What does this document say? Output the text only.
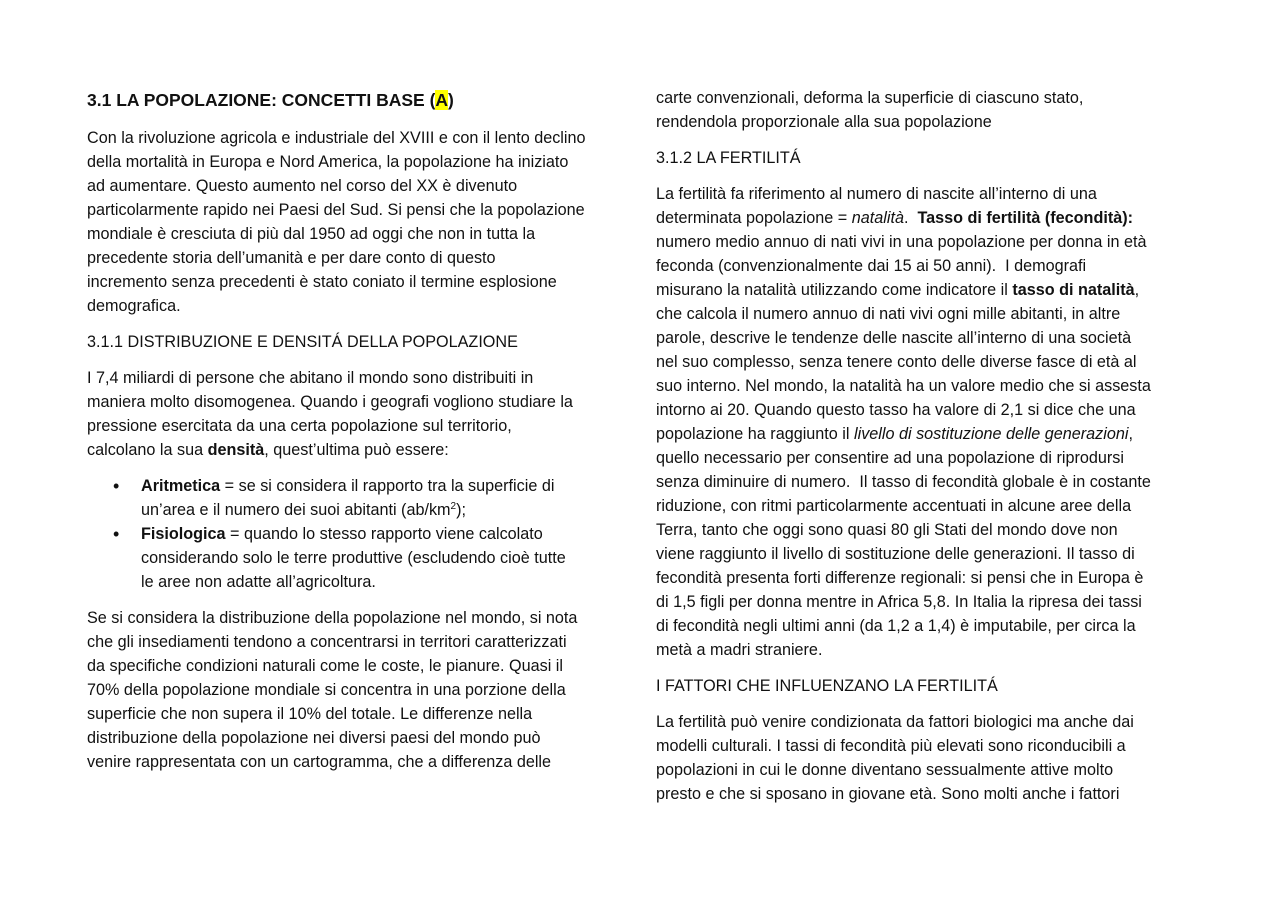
3.1 LA POPOLAZIONE: CONCETTI BASE (A)
Con la rivoluzione agricola e industriale del XVIII e con il lento declino
della mortalità in Europa e Nord America, la popolazione ha iniziato
ad aumentare. Questo aumento nel corso del XX è divenuto
particolarmente rapido nei Paesi del Sud. Si pensi che la popolazione
mondiale è cresciuta di più dal 1950 ad oggi che non in tutta la
precedente storia dell’umanità e per dare conto di questo
incremento senza precedenti è stato coniato il termine esplosione
demografica.
3.1.1 DISTRIBUZIONE E DENSITÁ DELLA POPOLAZIONE
I 7,4 miliardi di persone che abitano il mondo sono distribuiti in
maniera molto disomogenea. Quando i geografi vogliono studiare la
pressione esercitata da una certa popolazione sul territorio,
calcolano la sua densità, quest’ultima può essere:
• Aritmetica = se si considera il rapporto tra la superficie di
un’area e il numero dei suoi abitanti $(ab/km^2)$;
• Fisiologica = quando lo stesso rapporto viene calcolato
considerando solo le terre produttive (escludendo cioè tutte
le aree non adatte all’agricoltura.
Se si considera la distribuzione della popolazione nel mondo, si nota
che gli insediamenti tendono a concentrarsi in territori caratterizzati
da specifiche condizioni naturali come le coste, le pianure. Quasi il
70% della popolazione mondiale si concentra in una porzione della
superficie che non supera il 10% del totale. Le differenze nella
distribuzione della popolazione nei diversi paesi del mondo può
venire rappresentata con un cartogramma, che a differenza delle
carte convenzionali, deforma la superficie di ciascuno stato,
rendendola proporzionale alla sua popolazione
3.1.2 LA FERTILITÁ
La fertilità fa riferimento al numero di nascite all’interno di una
determinata popolazione = natalità.  Tasso di fertilità (fecondità):
numero medio annuo di nati vivi in una popolazione per donna in età
feconda (convenzionalmente dai 15 ai 50 anni).  I demografi
misurano la natalità utilizzando come indicatore il tasso di natalità,
che calcola il numero annuo di nati vivi ogni mille abitanti, in altre
parole, descrive le tendenze delle nascite all’interno di una società
nel suo complesso, senza tenere conto delle diverse fasce di età al
suo interno. Nel mondo, la natalità ha un valore medio che si assesta
intorno ai 20. Quando questo tasso ha valore di 2,1 si dice che una
popolazione ha raggiunto il livello di sostituzione delle generazioni,
quello necessario per consentire ad una popolazione di riprodursi
senza diminuire di numero.  Il tasso di fecondità globale è in costante
riduzione, con ritmi particolarmente accentuati in alcune aree della
Terra, tanto che oggi sono quasi 80 gli Stati del mondo dove non
viene raggiunto il livello di sostituzione delle generazioni. Il tasso di
fecondità presenta forti differenze regionali: si pensi che in Europa è
di 1,5 figli per donna mentre in Africa 5,8. In Italia la ripresa dei tassi
di fecondità negli ultimi anni (da 1,2 a 1,4) è imputabile, per circa la
metà a madri straniere.
I FATTORI CHE INFLUENZANO LA FERTILITÁ
La fertilità può venire condizionata da fattori biologici ma anche dai
modelli culturali. I tassi di fecondità più elevati sono riconducibili a
popolazioni in cui le donne diventano sessualmente attive molto
presto e che si sposano in giovane età. Sono molti anche i fattori
